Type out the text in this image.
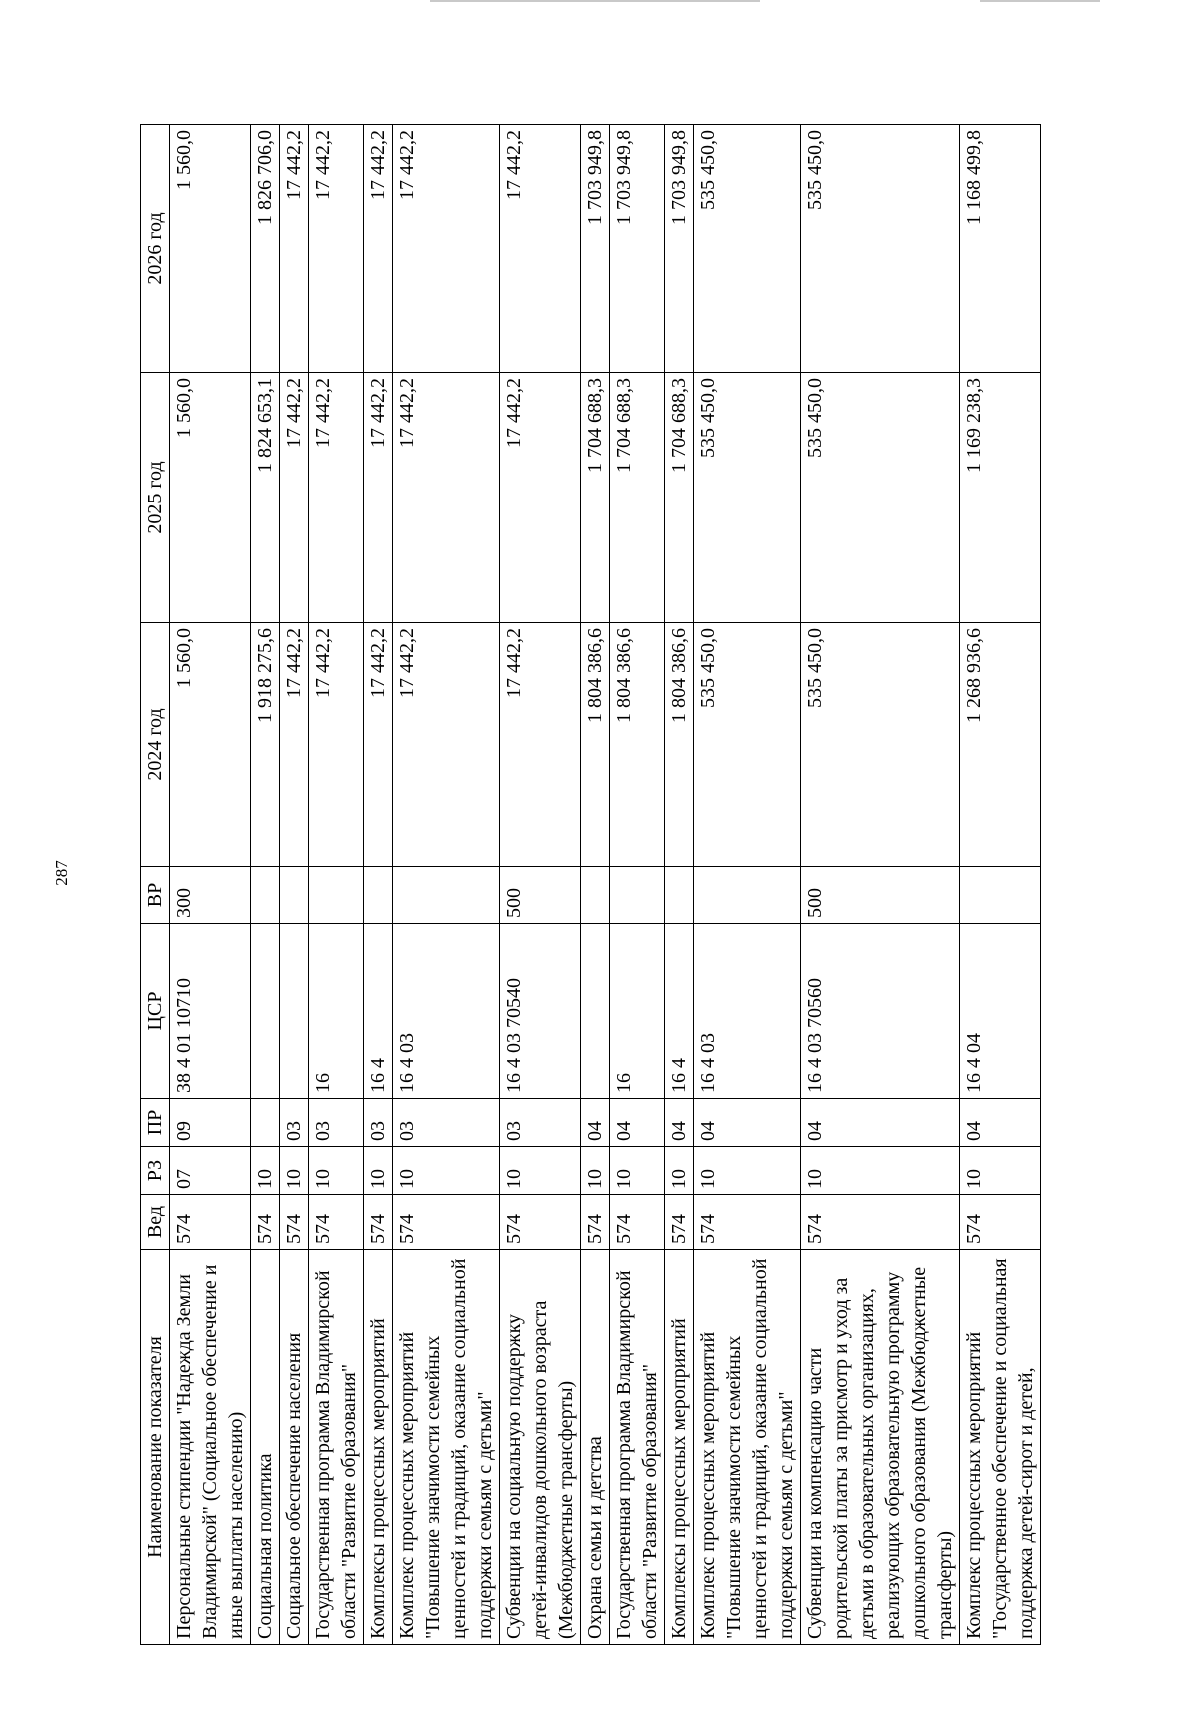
287
Наименование показателя	Вед	РЗ	ПР	ЦСР	ВР	2024 год	2025 год	2026 год
Персональные стипендии "Надежда Земли Владимирской" (Социальное обеспечение и иные выплаты населению)	574	07	09	38 4 01 10710	300	1 560,0	1 560,0	1 560,0
Социальная политика	574	10				1 918 275,6	1 824 653,1	1 826 706,0
Социальное обеспечение населения	574	10	03			17 442,2	17 442,2	17 442,2
Государственная программа Владимирской области "Развитие образования"	574	10	03	16		17 442,2	17 442,2	17 442,2
Комплексы процессных мероприятий	574	10	03	16 4		17 442,2	17 442,2	17 442,2
Комплекс процессных мероприятий "Повышение значимости семейных ценностей и традиций, оказание социальной поддержки семьям с детьми"	574	10	03	16 4 03		17 442,2	17 442,2	17 442,2
Субвенции на социальную поддержку детей-инвалидов дошкольного возраста (Межбюджетные трансферты)	574	10	03	16 4 03 70540	500	17 442,2	17 442,2	17 442,2
Охрана семьи и детства	574	10	04			1 804 386,6	1 704 688,3	1 703 949,8
Государственная программа Владимирской области "Развитие образования"	574	10	04	16		1 804 386,6	1 704 688,3	1 703 949,8
Комплексы процессных мероприятий	574	10	04	16 4		1 804 386,6	1 704 688,3	1 703 949,8
Комплекс процессных мероприятий "Повышение значимости семейных ценностей и традиций, оказание социальной поддержки семьям с детьми"	574	10	04	16 4 03		535 450,0	535 450,0	535 450,0
Субвенции на компенсацию части родительской платы за присмотр и уход за детьми в образовательных организациях, реализующих образовательную программу дошкольного образования (Межбюджетные трансферты)	574	10	04	16 4 03 70560	500	535 450,0	535 450,0	535 450,0
Комплекс процессных мероприятий "Государственное обеспечение и социальная поддержка детей-сирот и детей,	574	10	04	16 4 04		1 268 936,6	1 169 238,3	1 168 499,8
